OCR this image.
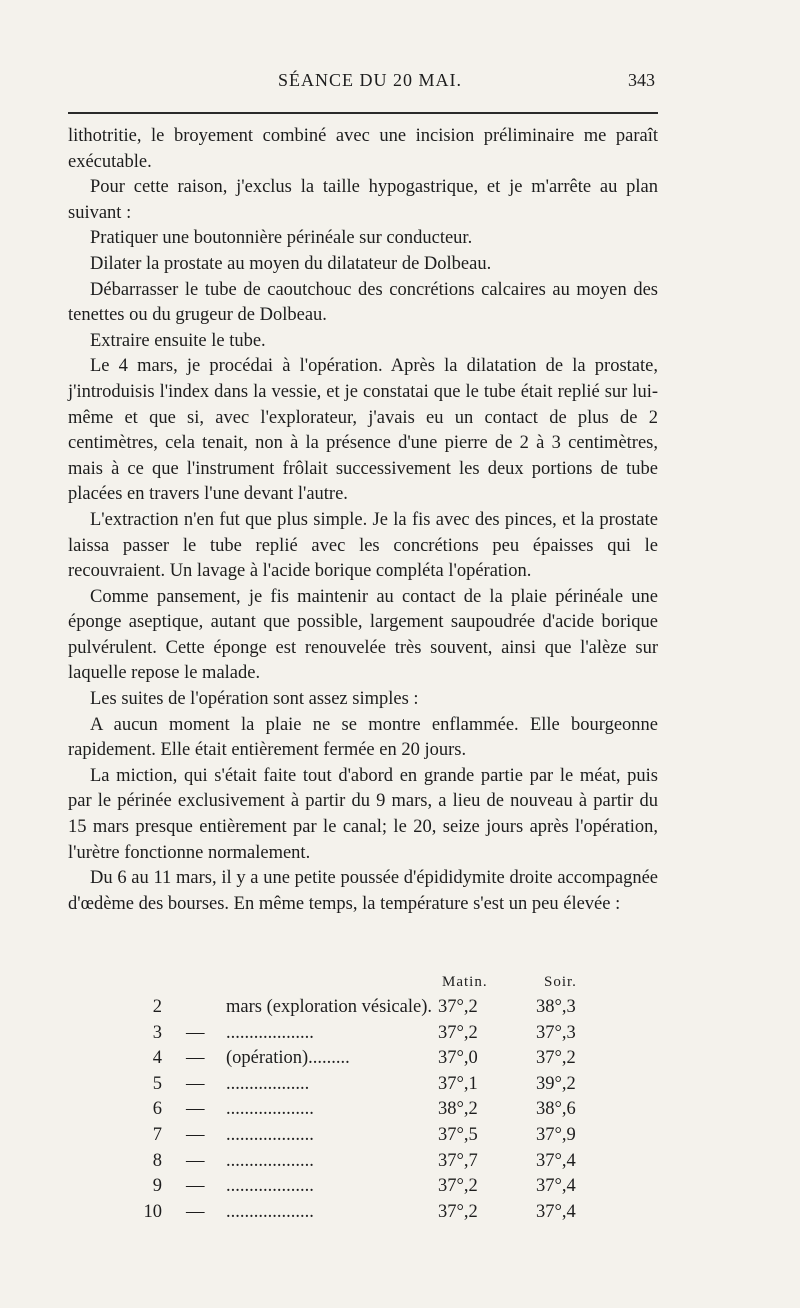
SÉANCE DU 20 MAI.	343

lithotritie, le broyement combiné avec une incision préliminaire me paraît exécutable.

Pour cette raison, j'exclus la taille hypogastrique, et je m'arrête au plan suivant :

Pratiquer une boutonnière périnéale sur conducteur.

Dilater la prostate au moyen du dilatateur de Dolbeau.

Débarrasser le tube de caoutchouc des concrétions calcaires au moyen des tenettes ou du grugeur de Dolbeau.

Extraire ensuite le tube.

Le 4 mars, je procédai à l'opération. Après la dilatation de la prostate, j'introduisis l'index dans la vessie, et je constatai que le tube était replié sur lui-même et que si, avec l'explorateur, j'avais eu un contact de plus de 2 centimètres, cela tenait, non à la présence d'une pierre de 2 à 3 centimètres, mais à ce que l'instrument frôlait successivement les deux portions de tube placées en travers l'une devant l'autre.

L'extraction n'en fut que plus simple. Je la fis avec des pinces, et la prostate laissa passer le tube replié avec les concrétions peu épaisses qui le recouvraient. Un lavage à l'acide borique compléta l'opération.

Comme pansement, je fis maintenir au contact de la plaie périnéale une éponge aseptique, autant que possible, largement saupoudrée d'acide borique pulvérulent. Cette éponge est renouvelée très souvent, ainsi que l'alèze sur laquelle repose le malade.

Les suites de l'opération sont assez simples :

A aucun moment la plaie ne se montre enflammée. Elle bourgeonne rapidement. Elle était entièrement fermée en 20 jours.

La miction, qui s'était faite tout d'abord en grande partie par le méat, puis par le périnée exclusivement à partir du 9 mars, a lieu de nouveau à partir du 15 mars presque entièrement par le canal; le 20, seize jours après l'opération, l'urètre fonctionne normalement.

Du 6 au 11 mars, il y a une petite poussée d'épididymite droite accompagnée d'œdème des bourses. En même temps, la température s'est un peu élevée :

Matin.	Soir.
2	mars (exploration vésicale). 37°,2	38°,3
3 — ...................	37°,2	37°,3
4 — (opération).........	37°,0	37°,2
5 — ..................	37°,1	39°,2
6 — ...................	38°,2	38°,6
7 — ...................	37°,5	37°,9
8 — ...................	37°,7	37°,4
9 — ...................	37°,2	37°,4
10 — ...................	37°,2	37°,4
